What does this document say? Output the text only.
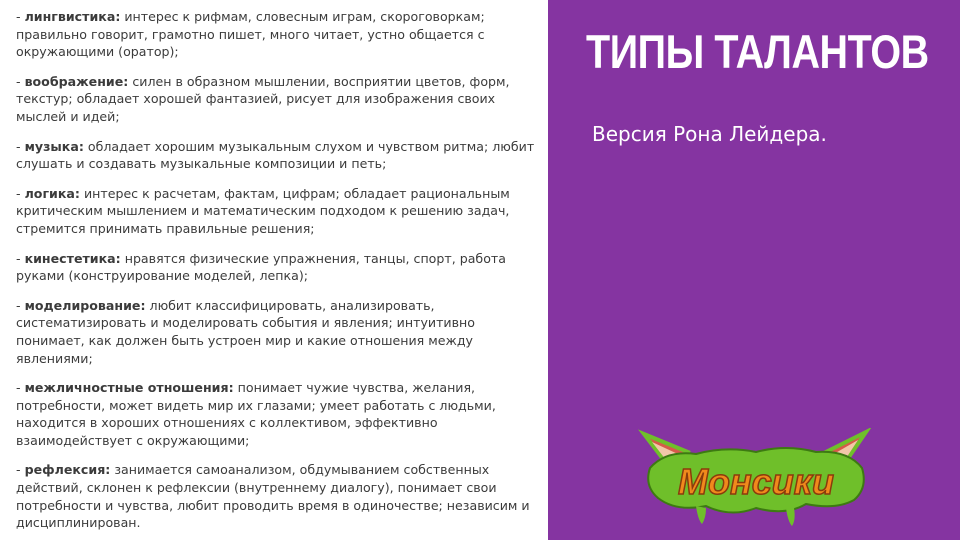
- лингвистика: интерес к рифмам, словесным играм, скороговоркам; правильно говорит, грамотно пишет, много читает, устно общается с окружающими (оратор);
- воображение: силен в образном мышлении, восприятии цветов, форм, текстур; обладает хорошей фантазией, рисует для изображения своих мыслей и идей;
- музыка: обладает хорошим музыкальным слухом и чувством ритма; любит слушать и создавать музыкальные композиции и петь;
- логика: интерес к расчетам, фактам, цифрам; обладает рациональным критическим мышлением и математическим подходом к решению задач, стремится принимать правильные решения;
- кинестетика: нравятся физические упражнения, танцы, спорт, работа руками (конструирование моделей, лепка);
- моделирование: любит классифицировать, анализировать, систематизировать и моделировать события и явления; интуитивно понимает, как должен быть устроен мир и какие отношения между явлениями;
- межличностные отношения: понимает чужие чувства, желания, потребности, может видеть мир их глазами; умеет работать с людьми, находится в хороших отношениях с коллективом, эффективно взаимодействует с окружающими;
- рефлексия: занимается самоанализом, обдумыванием собственных действий, склонен к рефлексии (внутреннему диалогу), понимает свои потребности и чувства, любит проводить время в одиночестве; независим и дисциплинирован.
ТИПЫ ТАЛАНТОВ
Версия Рона Лейдера.
Монсики
